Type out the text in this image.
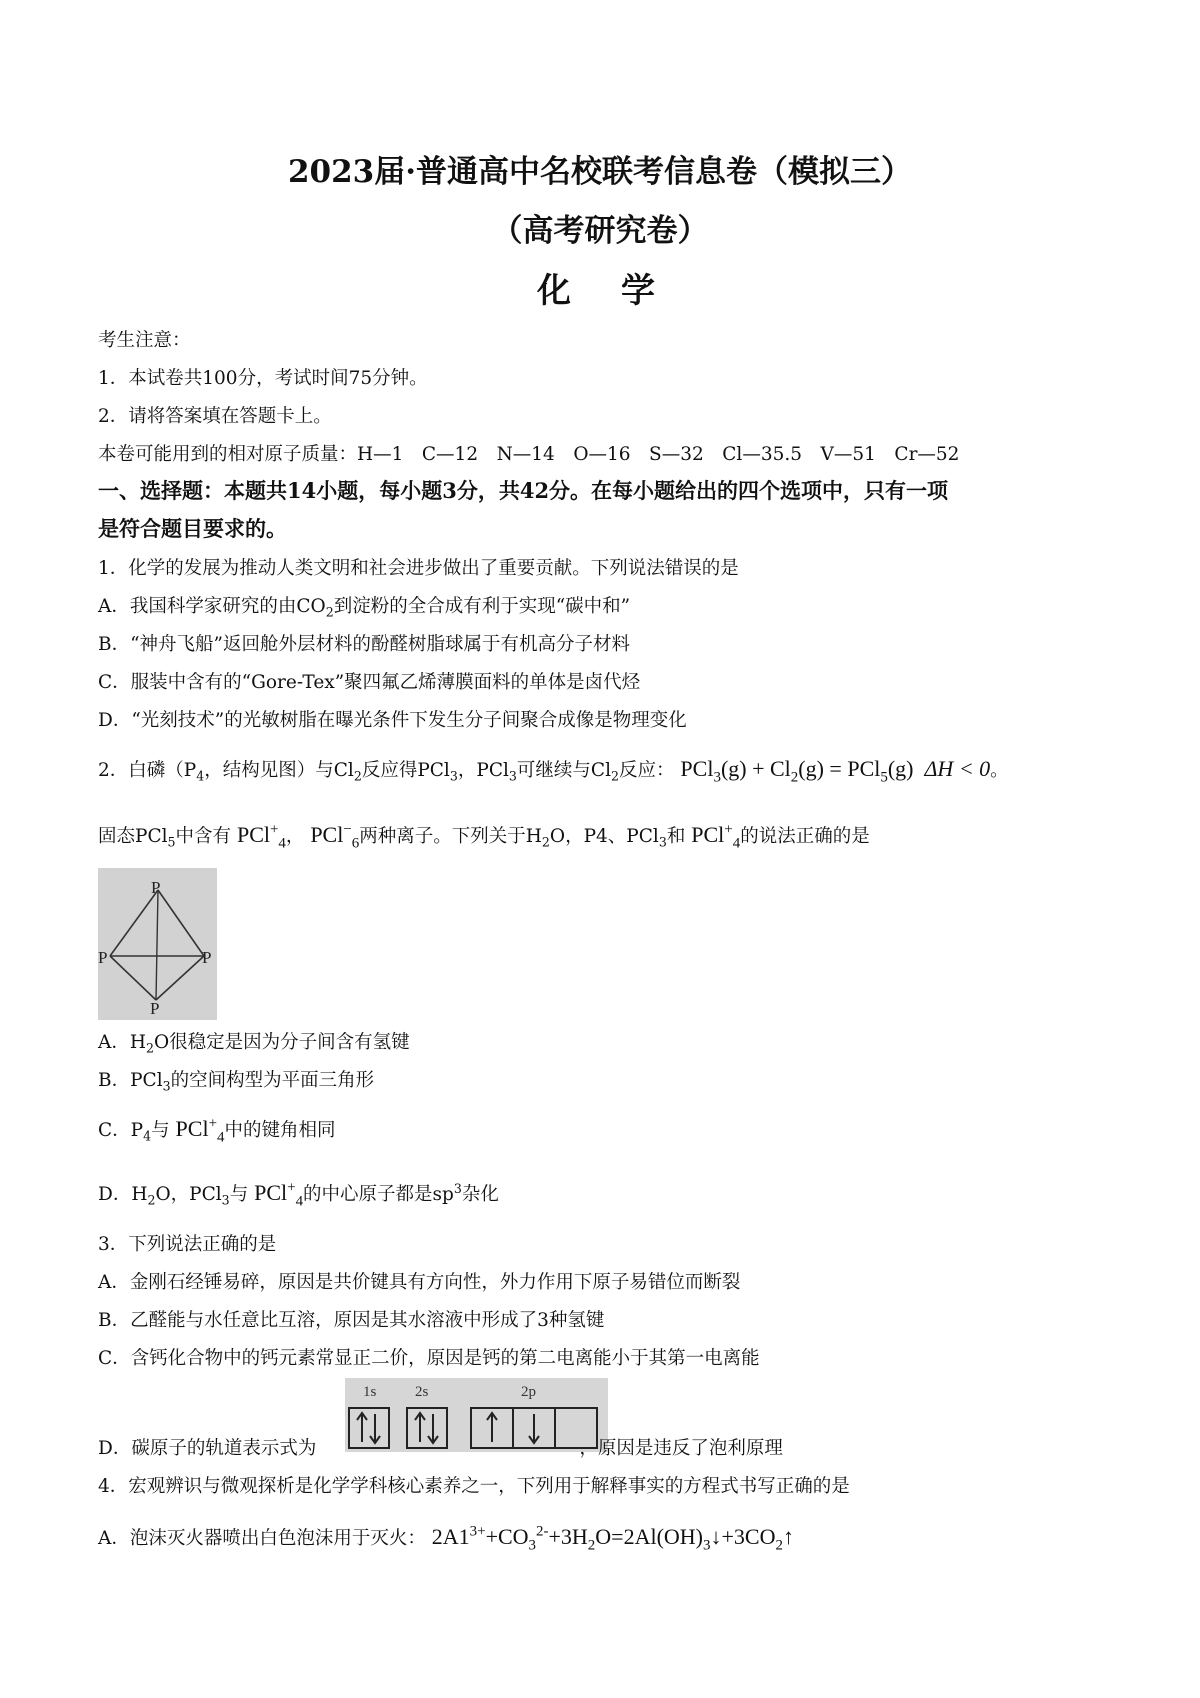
2023届·普通高中名校联考信息卷（模拟三）
（高考研究卷）
化　学
考生注意：
1．本试卷共100分，考试时间75分钟。
2．请将答案填在答题卡上。
本卷可能用到的相对原子质量：H—1　C—12　N—14　O—16　S—32　Cl—35.5　V—51　Cr—52
一、选择题：本题共14小题，每小题3分，共42分。在每小题给出的四个选项中，只有一项
是符合题目要求的。
1．化学的发展为推动人类文明和社会进步做出了重要贡献。下列说法错误的是
A．我国科学家研究的由$CO_2$到淀粉的全合成有利于实现“碳中和”
B．“神舟飞船”返回舱外层材料的酚醛树脂球属于有机高分子材料
C．服装中含有的“Gore-Tex”聚四氟乙烯薄膜面料的单体是卤代烃
D．“光刻技术”的光敏树脂在曝光条件下发生分子间聚合成像是物理变化
2．白磷（$P_4$，结构见图）与$Cl_2$反应得PCl$_3$，PCl$_3$可继续与$Cl_2$反应： $PCl_3(g) + Cl_2(g) = PCl_5(g) \Delta H < 0$。
固态PCl$_5$中含有 PCl+$_4$， PCl−$_6$两种离子。下列关于$H_2O$，P4、PCl$_3$和 PCl+$_4$的说法正确的是
P
P	P
P
A．$H_2O$很稳定是因为分子间含有氢键
B．PCl$_3$的空间构型为平面三角形
C．$P_4$与 PCl+$_4$中的键角相同
D．$H_2O$，PCl$_3$与 PCl+$_4$的中心原子都是$sp^3$杂化
3．下列说法正确的是
A．金刚石经锤易碎，原因是共价键具有方向性，外力作用下原子易错位而断裂
B．乙醛能与水任意比互溶，原因是其水溶液中形成了3种氢键
C．含钙化合物中的钙元素常显正二价，原因是钙的第二电离能小于其第一电离能
1s	2s	2p
D．碳原子的轨道表示式为	，原因是违反了泡利原理
4．宏观辨识与微观探析是化学学科核心素养之一，下列用于解释事实的方程式书写正确的是
A．泡沫灭火器喷出白色泡沫用于灭火： $2A1^{3+}+CO_3^{2-}+3H_2O=2Al(OH)_3↓+3CO_2↑$
